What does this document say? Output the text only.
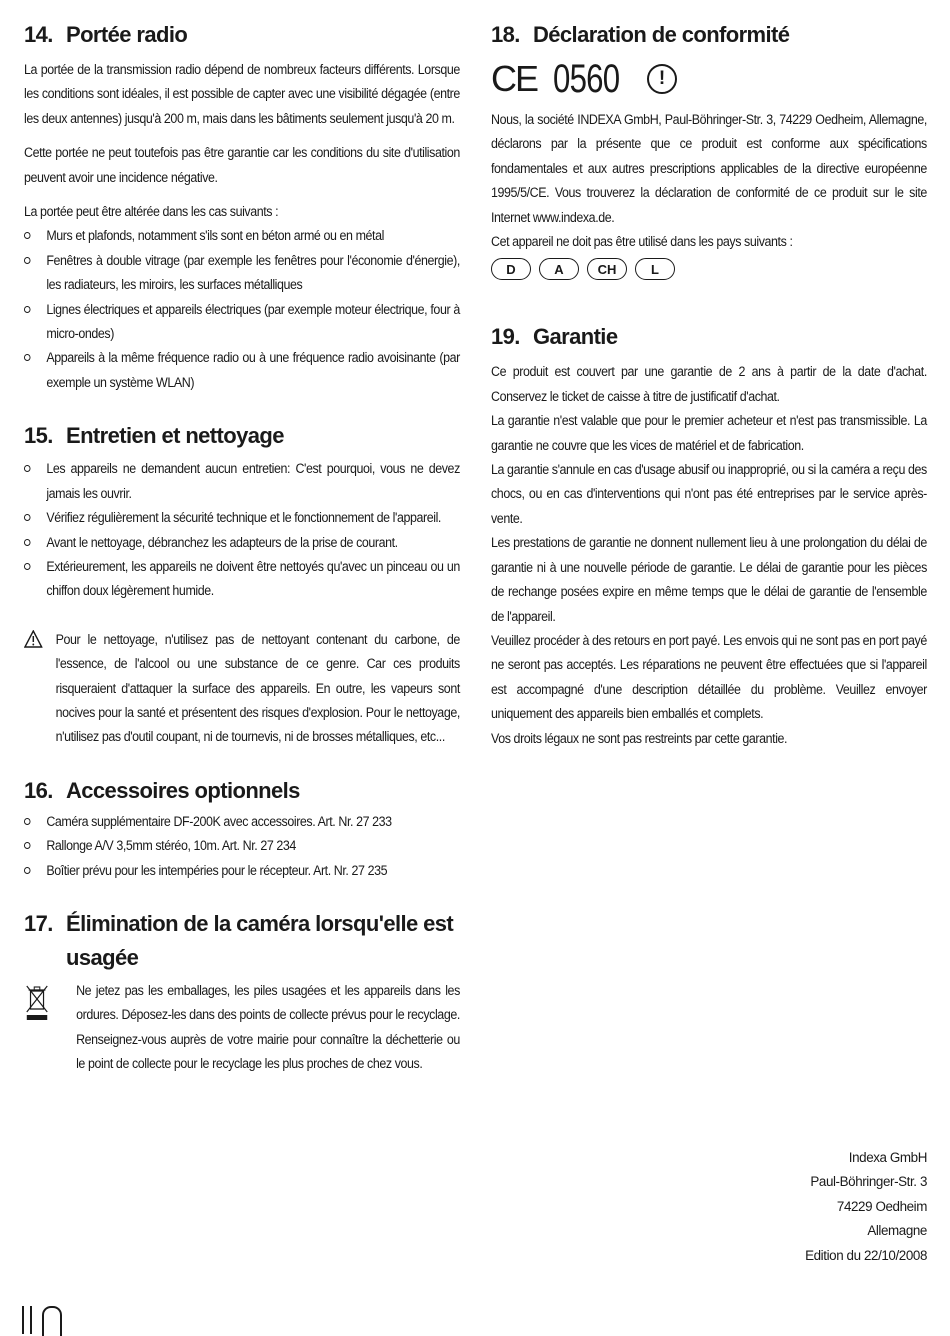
14. Portée radio

La portée de la transmission radio dépend de nombreux facteurs différents. Lorsque les conditions sont idéales, il est possible de capter avec une visibilité dégagée (entre les deux antennes) jusqu'à 200 m, mais dans les bâtiments seulement jusqu'à 20 m.

Cette portée ne peut toutefois pas être garantie car les conditions du site d'utilisation peuvent avoir une incidence négative.

La portée peut être altérée dans les cas suivants :

Murs et plafonds, notamment s'ils sont en béton armé ou en métal
Fenêtres à double vitrage (par exemple les fenêtres pour l'économie d'énergie), les radiateurs, les miroirs, les surfaces métalliques
Lignes électriques et appareils électriques (par exemple moteur électrique, four à micro-ondes)
Appareils à la même fréquence radio ou à une fréquence radio avoisinante (par exemple un système WLAN)
15. Entretien et nettoyage
Les appareils ne demandent aucun entretien: C'est pourquoi, vous ne devez jamais les ouvrir.
Vérifiez régulièrement la sécurité technique et le fonctionnement de l'appareil.
Avant le nettoyage, débranchez les adapteurs de la prise de courant.
Extérieurement, les appareils ne doivent être nettoyés qu'avec un pinceau ou un chiffon doux légèrement humide.

Pour le nettoyage, n'utilisez pas de nettoyant contenant du carbone, de l'essence, de l'alcool ou une substance de ce genre. Car ces produits risqueraient d'attaquer la surface des appareils. En outre, les vapeurs sont nocives pour la santé et présentent des risques d'explosion. Pour le nettoyage, n'utilisez pas d'outil coupant, ni de tournevis, ni de brosses métalliques, etc...

16. Accessoires optionnels
Caméra supplémentaire DF-200K avec accessoires. Art. Nr. 27 233
Rallonge A/V 3,5mm stéréo, 10m. Art. Nr. 27 234
Boîtier prévu pour les intempéries pour le récepteur. Art. Nr. 27 235
17. Élimination de la caméra lorsqu'elle est usagée

Ne jetez pas les emballages, les piles usagées et les appareils dans les ordures. Déposez-les dans des points de collecte prévus pour le recyclage. Renseignez-vous auprès de votre mairie pour connaître la déchetterie ou le point de collecte pour le recyclage les plus proches de chez vous.

18. Déclaration de conformité
CE 0560	!

Nous, la société INDEXA GmbH, Paul-Böhringer-Str. 3, 74229 Oedheim, Allemagne, déclarons par la présente que ce produit est conforme aux spécifications fondamentales et aux autres prescriptions applicables de la directive européenne 1995/5/CE. Vous trouverez la déclaration de conformité de ce produit sur le site Internet www.indexa.de.

Cet appareil ne doit pas être utilisé dans les pays suivants :

D	A	CH	L
19. Garantie

Ce produit est couvert par une garantie de 2 ans à partir de la date d'achat. Conservez le ticket de caisse à titre de justificatif d'achat.

La garantie n'est valable que pour le premier acheteur et n'est pas transmissible. La garantie ne couvre que les vices de matériel et de fabrication.

La garantie s'annule en cas d'usage abusif ou inapproprié, ou si la caméra a reçu des chocs, ou en cas d'interventions qui n'ont pas été entreprises par le service après-vente.

Les prestations de garantie ne donnent nullement lieu à une prolongation du délai de garantie ni à une nouvelle période de garantie. Le délai de garantie pour les pièces de rechange posées expire en même temps que le délai de garantie de l'ensemble de l'appareil.

Veuillez procéder à des retours en port payé. Les envois qui ne sont pas en port payé ne seront pas acceptés. Les réparations ne peuvent être effectuées que si l'appareil est accompagné d'une description détaillée du problème. Veuillez envoyer uniquement des appareils bien emballés et complets.

Vos droits légaux ne sont pas restreints par cette garantie.

Indexa GmbH
Paul-Böhringer-Str. 3
74229 Oedheim
Allemagne
Edition du 22/10/2008
